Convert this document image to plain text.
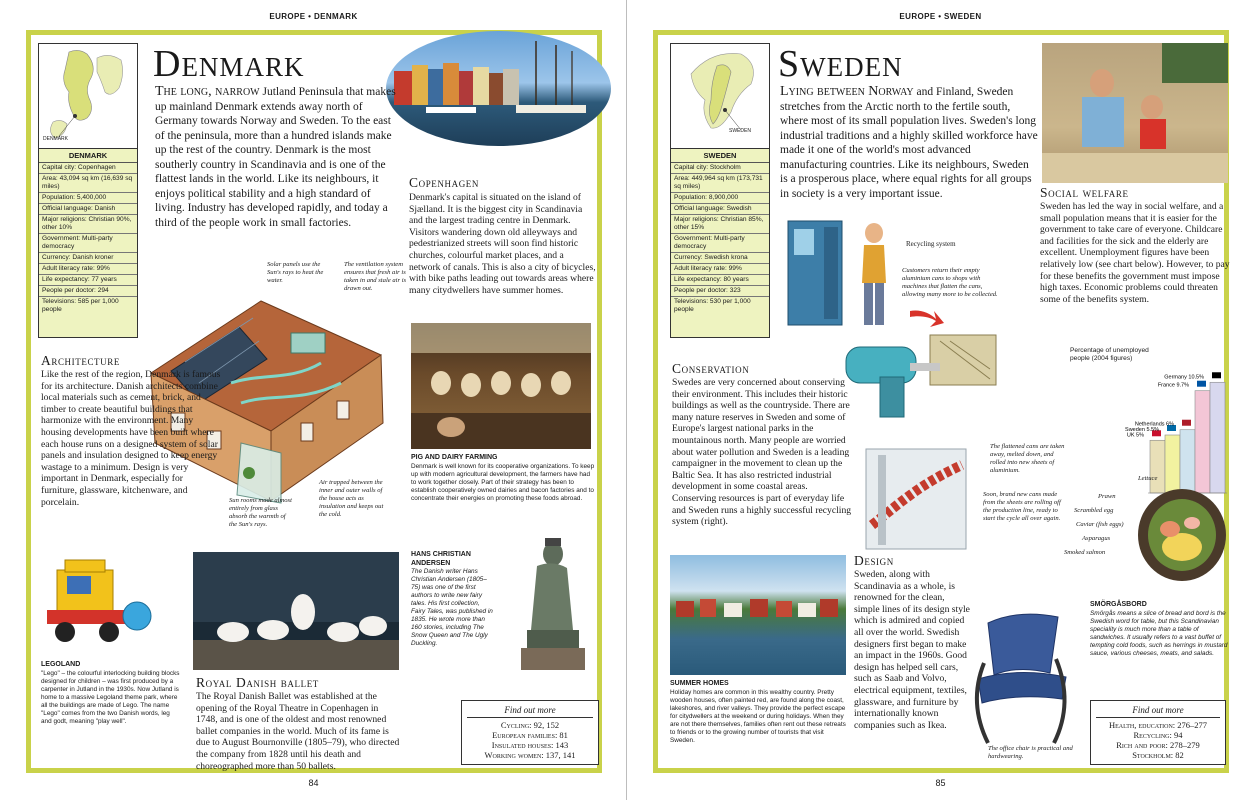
EUROPE • DENMARK
DENMARK
DENMARK
Capital city: Copenhagen
Area: 43,094 sq km (16,639 sq miles)
Population: 5,400,000
Official language: Danish
Major religions: Christian 90%, other 10%
Government: Multi-party democracy
Currency: Danish kroner
Adult literacy rate: 99%
Life expectancy: 77 years
People per doctor: 294
Televisions: 585 per 1,000 people
Denmark
The long, narrow Jutland Peninsula that makes up mainland Denmark extends away north of Germany towards Norway and Sweden. To the east of the peninsula, more than a hundred islands make up the rest of the country. Denmark is the most southerly country in Scandinavia and is one of the flattest lands in the world. Like its neighbours, it enjoys political stability and a high standard of living. Industry has developed rapidly, and today a third of the people work in small factories.
Copenhagen
Denmark's capital is situated on the island of Sjælland. It is the biggest city in Scandinavia and the largest trading centre in Denmark. Visitors wandering down old alleyways and pedestrianized streets will soon find historic churches, colourful market places, and a network of canals. This is also a city of bicycles, with bike paths leading out towards areas where many citydwellers have summer homes.
Solar panels use the Sun's rays to heat the water.
The ventilation system ensures that fresh air is taken in and stale air is drawn out.
Sun rooms made almost entirely from glass absorb the warmth of the Sun's rays.
Air trapped between the inner and outer walls of the house acts as insulation and keeps out the cold.
Architecture
Like the rest of the region, Denmark is famous for its architecture. Danish architects combine local materials such as cement, brick, and timber to create beautiful buildings that harmonize with the environment. Many housing developments have been built where each house runs on a designed system of solar panels and insulation designed to keep energy wastage to a minimum. Design is very important in Denmark, especially for furniture, glassware, kitchenware, and porcelain.
PIG AND DAIRY FARMING
Denmark is well known for its cooperative organizations. To keep up with modern agricultural development, the farmers have had to work together closely. Part of their strategy has been to establish cooperatively owned dairies and bacon factories and to concentrate their energies on promoting these foods abroad.
LEGOLAND
"Lego" – the colourful interlocking building blocks designed for children – was first produced by a carpenter in Jutland in the 1930s. Now Jutland is home to a massive Legoland theme park, where all the buildings are made of Lego. The name "Lego" comes from the two Danish words, leg and godt, meaning "play well".
Royal Danish ballet
The Royal Danish Ballet was established at the opening of the Royal Theatre in Copenhagen in 1748, and is one of the oldest and most renowned ballet companies in the world. Much of its fame is due to August Bournonville (1805–79), who directed the company from 1828 until his death and choreographed more than 50 ballets.
HANS CHRISTIAN ANDERSEN
The Danish writer Hans Christian Andersen (1805–75) was one of the first authors to write new fairy tales. His first collection, Fairy Tales, was published in 1835. He wrote more than 160 stories, including The Snow Queen and The Ugly Duckling.
Find out more
Cycling: 92, 152
European families: 81
Insulated houses: 143
Working women: 137, 141
84
EUROPE • SWEDEN
SWEDEN
SWEDEN
Capital city: Stockholm
Area: 449,964 sq km (173,731 sq miles)
Population: 8,900,000
Official language: Swedish
Major religions: Christian 85%, other 15%
Government: Multi-party democracy
Currency: Swedish krona
Adult literacy rate: 99%
Life expectancy: 80 years
People per doctor: 323
Televisions: 530 per 1,000 people
Sweden
Lying between Norway and Finland, Sweden stretches from the Arctic north to the fertile south, where most of its small population lives. Sweden's long industrial traditions and a highly skilled workforce have made it one of the world's most advanced manufacturing countries. Like its neighbours, Sweden is a prosperous place, where equal rights for all groups in society is a very important issue.	Social welfare
Sweden has led the way in social welfare, and a small population means that it is easier for the government to take care of everyone. Childcare and facilities for the sick and the elderly are excellent. Unemployment figures have been relatively low (see chart below). However, to pay for these benefits the government must impose high taxes. Economic problems could threaten some of the benefits system.
Recycling system
Customers return their empty aluminium cans to shops with machines that flatten the cans, allowing many more to be collected.
The flattened cans are taken away, melted down, and rolled into new sheets of aluminium.
Soon, brand new cans made from the sheets are rolling off the production line, ready to start the cycle all over again.
Conservation
Swedes are very concerned about conserving their environment. This includes their historic buildings as well as the countryside. There are many nature reserves in Sweden and some of Europe's largest national parks in the mountainous north. Many people are worried about water pollution and Sweden is a leading campaigner in the movement to clean up the Baltic Sea. It has also restricted industrial development in some coastal areas. Conserving resources is part of everyday life and Sweden runs a highly successful recycling system (right).
Percentage of unemployed people (2004 figures)
UK 5%
Sweden 5.5%
Netherlands 6%
France 9.7%
Germany 10.5%
Lettuce
Prawn
Scrambled egg
Caviar (fish eggs)
Asparagus
Smoked salmon
SUMMER HOMES
Holiday homes are common in this wealthy country. Pretty wooden houses, often painted red, are found along the coast, lakeshores, and river valleys. They provide the perfect escape for citydwellers at the weekend or during holidays. When they are not there themselves, families often rent out these retreats to friends or to the growing number of tourists that visit Sweden.
Design
Sweden, along with Scandinavia as a whole, is renowned for the clean, simple lines of its design style which is admired and copied all over the world. Swedish designers first began to make an impact in the 1960s. Good design has helped sell cars, such as Saab and Volvo, electrical equipment, textiles, glassware, and furniture by internationally known companies such as Ikea.
The office chair is practical and hardwearing.
SMÖRGÅSBORD
Smörgås means a slice of bread and bord is the Swedish word for table, but this Scandinavian speciality is much more than a table of sandwiches. It usually refers to a vast buffet of tempting cold foods, such as herrings in mustard sauce, various cheeses, meats, and salads.
Find out more
Health, education: 276–277
Recycling: 94
Rich and poor: 278–279
Stockholm: 82
85
